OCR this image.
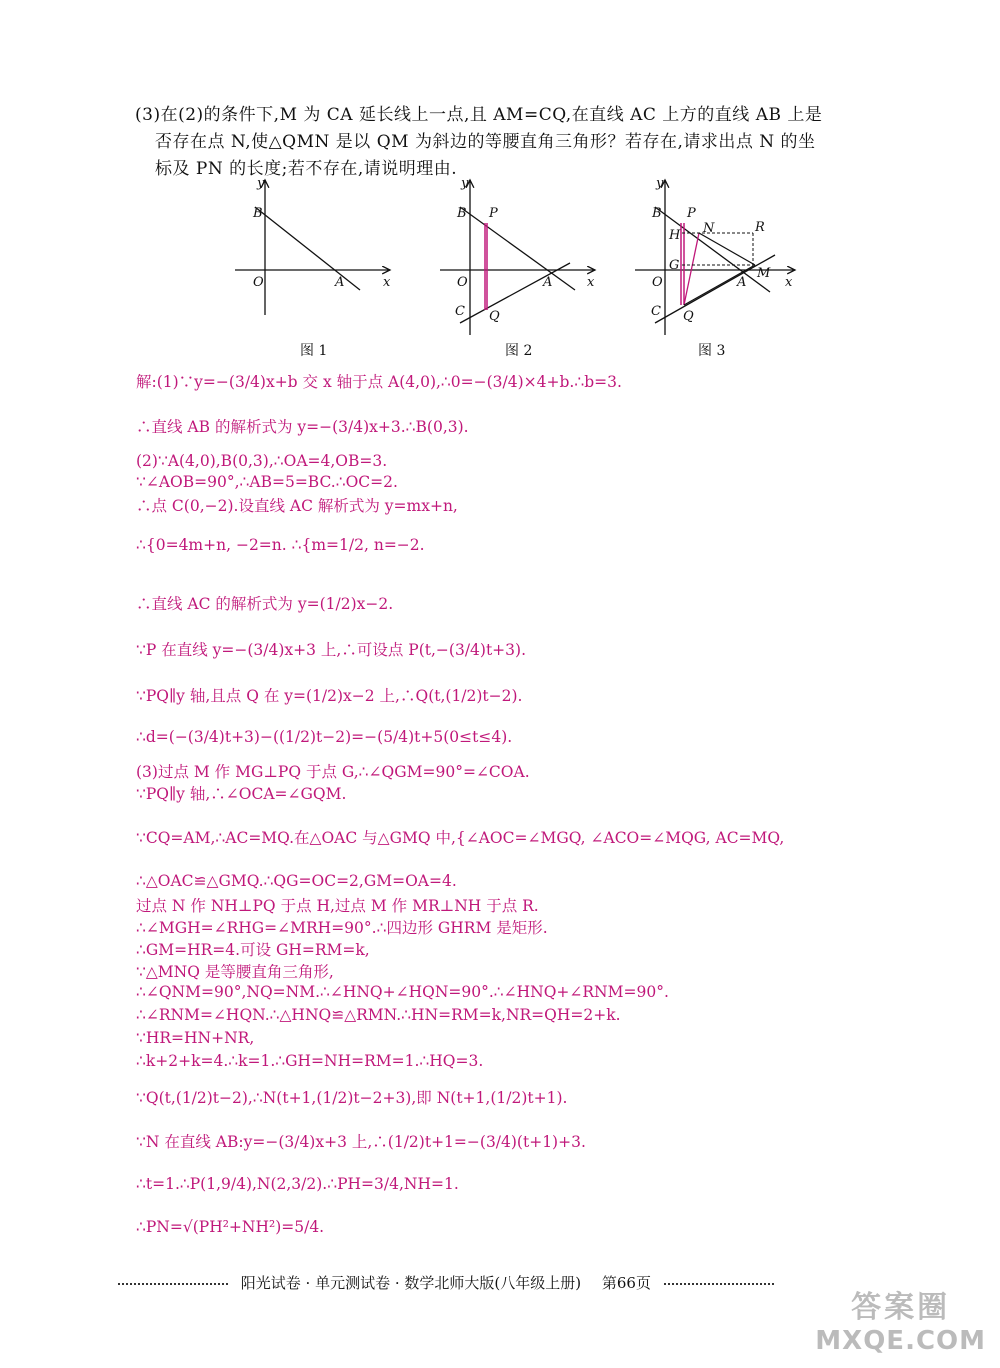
(3)在(2)的条件下,M 为 CA 延长线上一点,且 AM=CQ,在直线 AC 上方的直线 AB 上是
否存在点 N,使△QMN 是以 QM 为斜边的等腰直角三角形？若存在,请求出点 N 的坐
标及 PN 的长度;若不存在,请说明理由.
y
B
O	A	x
y
B P
O	A	x
C Q
y
B P
N	R
H
G
O	A
M
x
C Q
图 1	图 2	图 3
解:(1)∵y=−(3/4)x+b 交 x 轴于点 A(4,0),∴0=−(3/4)×4+b.∴b=3.
∴直线 AB 的解析式为 y=−(3/4)x+3.∴B(0,3).
(2)∵A(4,0),B(0,3),∴OA=4,OB=3.
∵∠AOB=90°,∴AB=5=BC.∴OC=2.
∴点 C(0,−2).设直线 AC 解析式为 y=mx+n,
∴{0=4m+n, −2=n. ∴{m=1/2, n=−2.
∴直线 AC 的解析式为 y=(1/2)x−2.
∵P 在直线 y=−(3/4)x+3 上,∴可设点 P(t,−(3/4)t+3).
∵PQ∥y 轴,且点 Q 在 y=(1/2)x−2 上,∴Q(t,(1/2)t−2).
∴d=(−(3/4)t+3)−((1/2)t−2)=−(5/4)t+5(0≤t≤4).
(3)过点 M 作 MG⊥PQ 于点 G,∴∠QGM=90°=∠COA.
∵PQ∥y 轴,∴∠OCA=∠GQM.
∵CQ=AM,∴AC=MQ.在△OAC 与△GMQ 中,{∠AOC=∠MGQ, ∠ACO=∠MQG, AC=MQ,
∴△OAC≌△GMQ.∴QG=OC=2,GM=OA=4.
过点 N 作 NH⊥PQ 于点 H,过点 M 作 MR⊥NH 于点 R.
∴∠MGH=∠RHG=∠MRH=90°.∴四边形 GHRM 是矩形.
∴GM=HR=4.可设 GH=RM=k,
∵△MNQ 是等腰直角三角形,
∴∠QNM=90°,NQ=NM.∴∠HNQ+∠HQN=90°.∴∠HNQ+∠RNM=90°.
∴∠RNM=∠HQN.∴△HNQ≌△RMN.∴HN=RM=k,NR=QH=2+k.
∵HR=HN+NR,
∴k+2+k=4.∴k=1.∴GH=NH=RM=1.∴HQ=3.
∵Q(t,(1/2)t−2),∴N(t+1,(1/2)t−2+3),即 N(t+1,(1/2)t+1).
∵N 在直线 AB:y=−(3/4)x+3 上,∴(1/2)t+1=−(3/4)(t+1)+3.
∴t=1.∴P(1,9/4),N(2,3/2).∴PH=3/4,NH=1.
∴PN=√(PH²+NH²)=5/4.
阳光试卷 · 单元测试卷 · 数学北师大版(八年级上册) 第66页
答案圈
MXQE.COM
